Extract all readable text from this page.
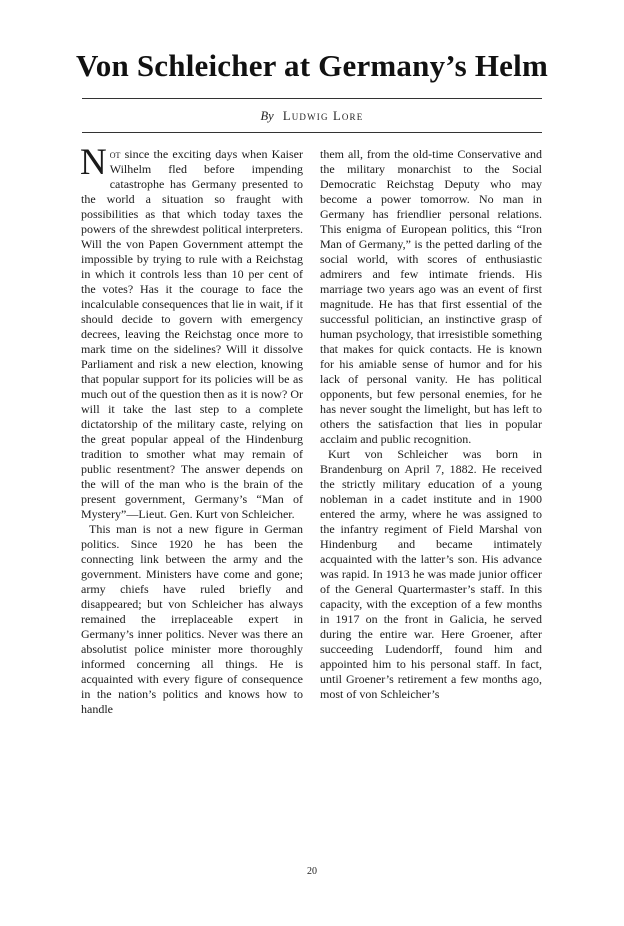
Von Schleicher at Germany’s Helm
By Ludwig Lore

Not since the exciting days when Kaiser Wilhelm fled before impending catastrophe has Germany presented to the world a situation so fraught with possibilities as that which today taxes the powers of the shrewdest political interpreters. Will the von Papen Government attempt the impossible by trying to rule with a Reichstag in which it controls less than 10 per cent of the votes? Has it the courage to face the incalculable consequences that lie in wait, if it should decide to govern with emergency decrees, leaving the Reichstag once more to mark time on the sidelines? Will it dissolve Parliament and risk a new election, knowing that popular support for its policies will be as much out of the question then as it is now? Or will it take the last step to a complete dictatorship of the military caste, relying on the great popular appeal of the Hindenburg tradition to smother what may remain of public resentment? The answer depends on the will of the man who is the brain of the present government, Germany’s “Man of Mystery”—Lieut. Gen. Kurt von Schleicher.

This man is not a new figure in German politics. Since 1920 he has been the connecting link between the army and the government. Ministers have come and gone; army chiefs have ruled briefly and disappeared; but von Schleicher has always remained the irreplaceable expert in Germany’s inner politics. Never was there an absolutist police minister more thoroughly informed concerning all things. He is acquainted with every figure of consequence in the nation’s politics and knows how to handle

them all, from the old-time Conservative and the military monarchist to the Social Democratic Reichstag Deputy who may become a power tomorrow. No man in Germany has friendlier personal relations. This enigma of European politics, this “Iron Man of Germany,” is the petted darling of the social world, with scores of enthusiastic admirers and few intimate friends. His marriage two years ago was an event of first magnitude. He has that first essential of the successful politician, an instinctive grasp of human psychology, that irresistible something that makes for quick contacts. He is known for his amiable sense of humor and for his lack of personal vanity. He has political opponents, but few personal enemies, for he has never sought the limelight, but has left to others the satisfaction that lies in popular acclaim and public recognition.

Kurt von Schleicher was born in Brandenburg on April 7, 1882. He received the strictly military education of a young nobleman in a cadet institute and in 1900 entered the army, where he was assigned to the infantry regiment of Field Marshal von Hindenburg and became intimately acquainted with the latter’s son. His advance was rapid. In 1913 he was made junior officer of the General Quartermaster’s staff. In this capacity, with the exception of a few months in 1917 on the front in Galicia, he served during the entire war. Here Groener, after succeeding Ludendorff, found him and appointed him to his personal staff. In fact, until Groener’s retirement a few months ago, most of von Schleicher’s

20
